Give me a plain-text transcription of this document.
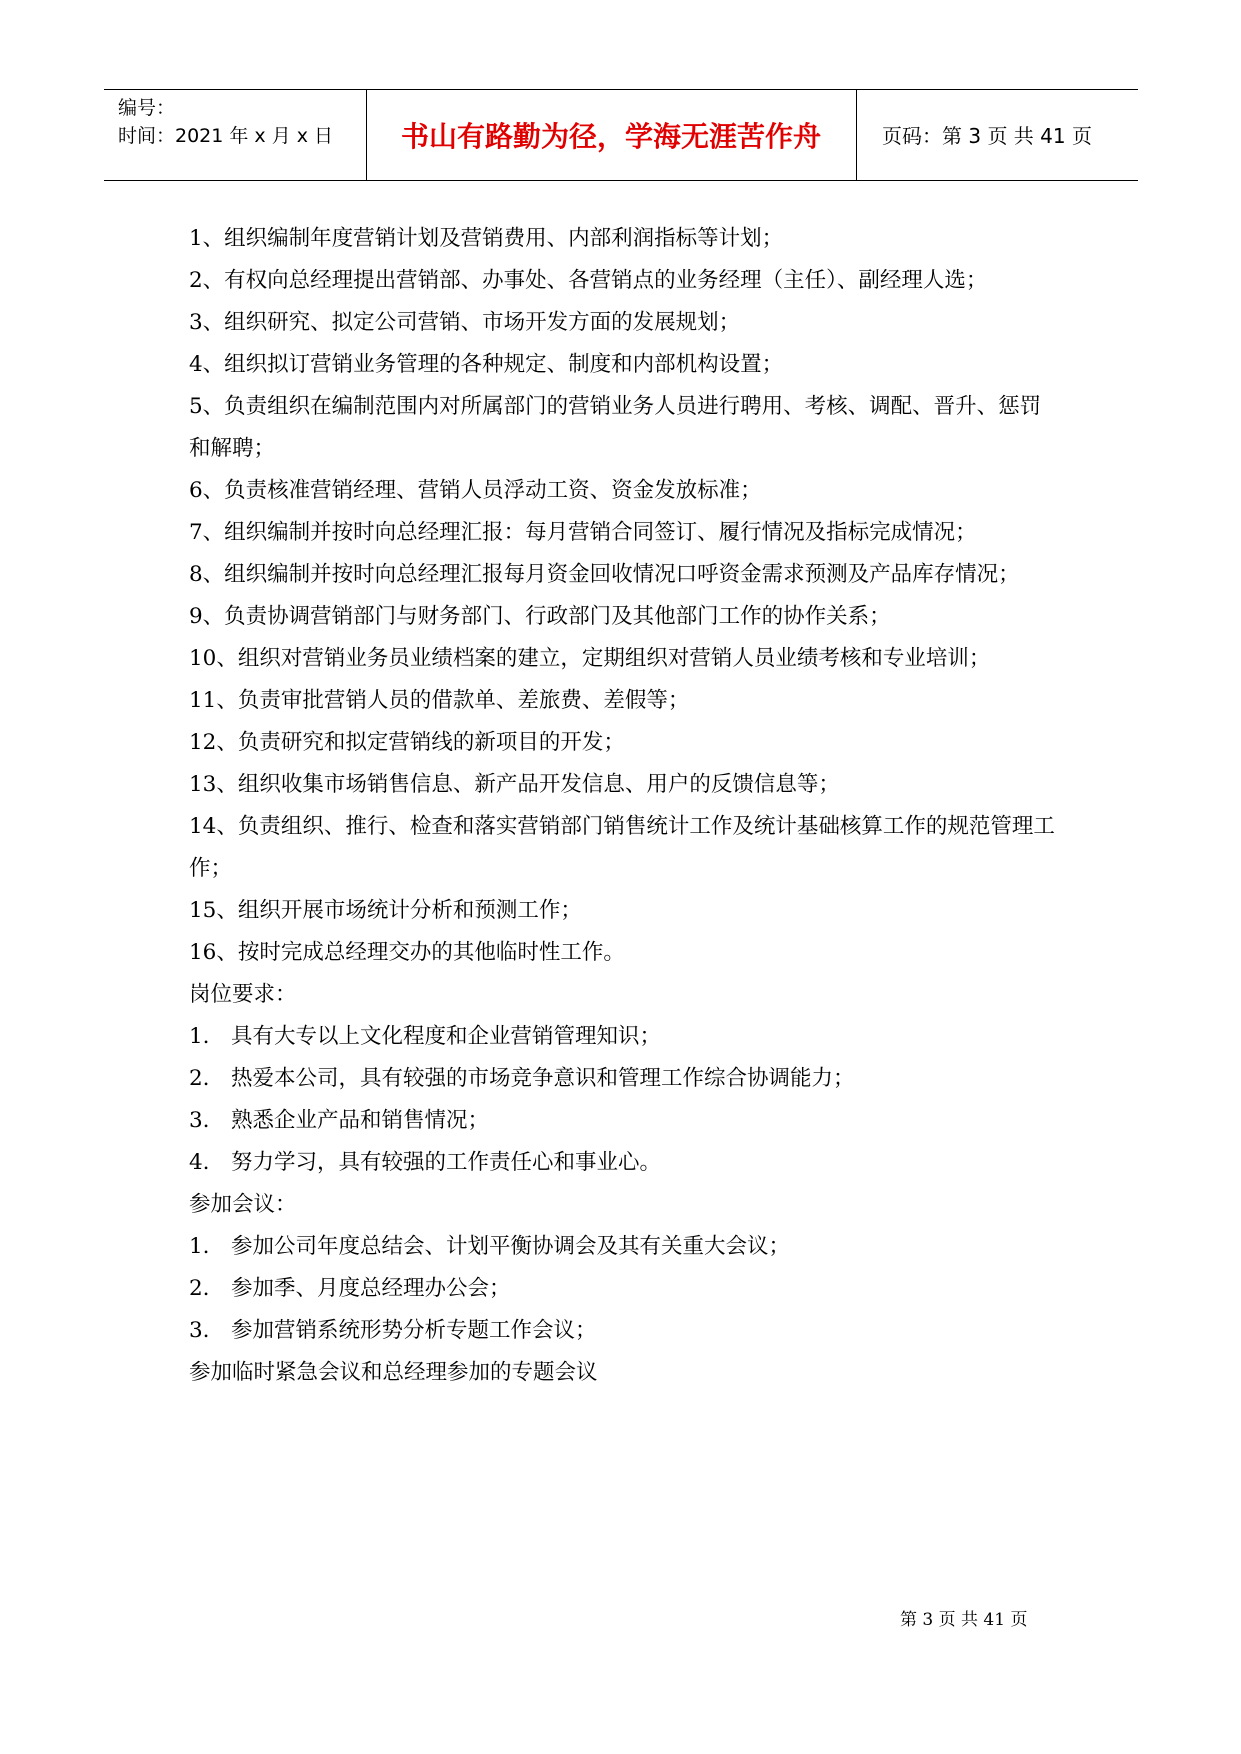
编号：
时间：2021 年 x 月 x 日	书山有路勤为径，学海无涯苦作舟	页码：第 3 页 共 41 页

1、组织编制年度营销计划及营销费用、内部利润指标等计划；

2、有权向总经理提出营销部、办事处、各营销点的业务经理（主任）、副经理人选；

3、组织研究、拟定公司营销、市场开发方面的发展规划；

4、组织拟订营销业务管理的各种规定、制度和内部机构设置；

5、负责组织在编制范围内对所属部门的营销业务人员进行聘用、考核、调配、晋升、惩罚和解聘；

6、负责核准营销经理、营销人员浮动工资、资金发放标准；

7、组织编制并按时向总经理汇报：每月营销合同签订、履行情况及指标完成情况；

8、组织编制并按时向总经理汇报每月资金回收情况口呼资金需求预测及产品库存情况；

9、负责协调营销部门与财务部门、行政部门及其他部门工作的协作关系；

10、组织对营销业务员业绩档案的建立，定期组织对营销人员业绩考核和专业培训；

11、负责审批营销人员的借款单、差旅费、差假等；

12、负责研究和拟定营销线的新项目的开发；

13、组织收集市场销售信息、新产品开发信息、用户的反馈信息等；

14、负责组织、推行、检查和落实营销部门销售统计工作及统计基础核算工作的规范管理工作；

15、组织开展市场统计分析和预测工作；

16、按时完成总经理交办的其他临时性工作。

岗位要求：

1. 具有大专以上文化程度和企业营销管理知识；
2. 热爱本公司，具有较强的市场竞争意识和管理工作综合协调能力；
3. 熟悉企业产品和销售情况；
4. 努力学习，具有较强的工作责任心和事业心。

参加会议：

1. 参加公司年度总结会、计划平衡协调会及其有关重大会议；
2. 参加季、月度总经理办公会；
3. 参加营销系统形势分析专题工作会议；

参加临时紧急会议和总经理参加的专题会议

第 3 页 共 41 页
